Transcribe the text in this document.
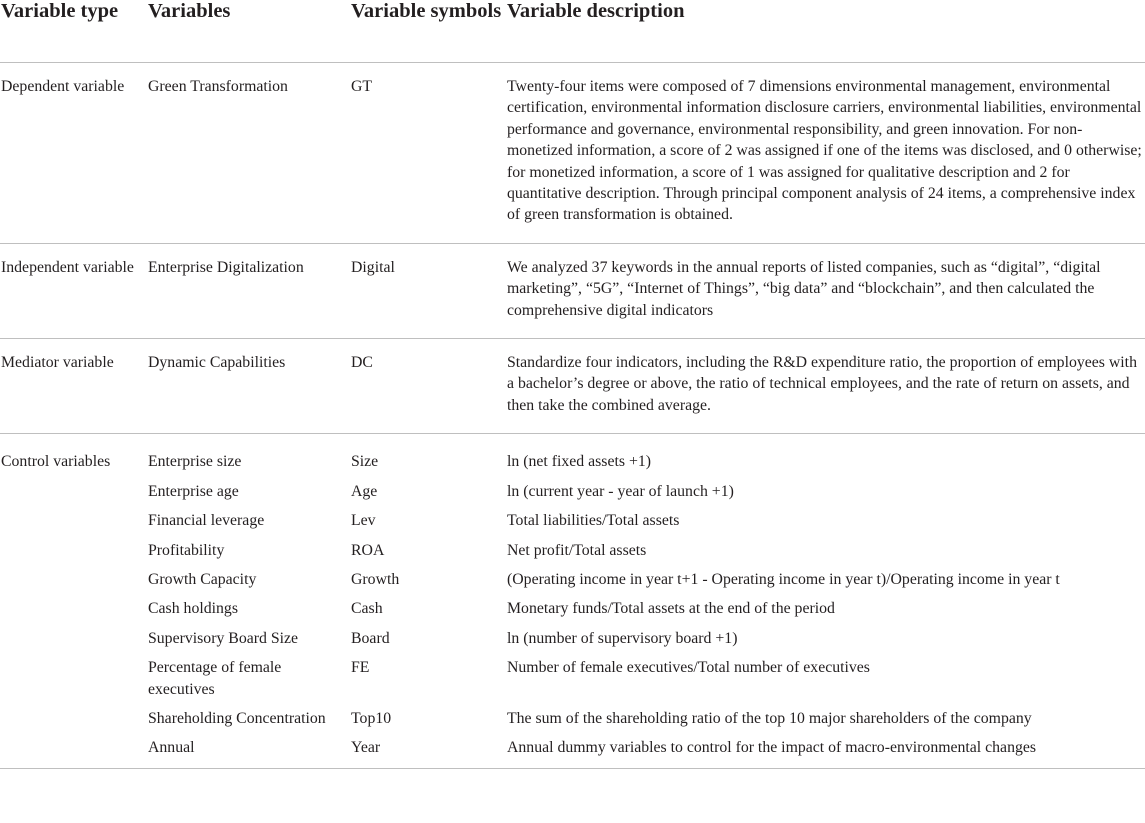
Variable type	Variables	Variable symbols	Variable description
Dependent variable	Green Transformation	GT	Twenty-four items were composed of 7 dimensions environmental management, environmental certification, environmental information disclosure carriers, environmental liabilities, environmental performance and governance, environmental responsibility, and green innovation. For non-monetized information, a score of 2 was assigned if one of the items was disclosed, and 0 otherwise; for monetized information, a score of 1 was assigned for qualitative description and 2 for quantitative description. Through principal component analysis of 24 items, a comprehensive index of green transformation is obtained.
Independent variable	Enterprise Digitalization	Digital	We analyzed 37 keywords in the annual reports of listed companies, such as “digital”, “digital marketing”, “5G”, “Internet of Things”, “big data” and “blockchain”, and then calculated the comprehensive digital indicators
Mediator variable	Dynamic Capabilities	DC	Standardize four indicators, including the R&D expenditure ratio, the proportion of employees with a bachelor’s degree or above, the ratio of technical employees, and the rate of return on assets, and then take the combined average.
Control variables	Enterprise size	Size	ln (net fixed assets +1)
	Enterprise age	Age	ln (current year - year of launch +1)
	Financial leverage	Lev	Total liabilities/Total assets
	Profitability	ROA	Net profit/Total assets
	Growth Capacity	Growth	(Operating income in year t+1 - Operating income in year t)/Operating income in year t
	Cash holdings	Cash	Monetary funds/Total assets at the end of the period
	Supervisory Board Size	Board	ln (number of supervisory board +1)
	Percentage of female executives	FE	Number of female executives/Total number of executives
	Shareholding Concentration	Top10	The sum of the shareholding ratio of the top 10 major shareholders of the company
	Annual	Year	Annual dummy variables to control for the impact of macro-environmental changes
